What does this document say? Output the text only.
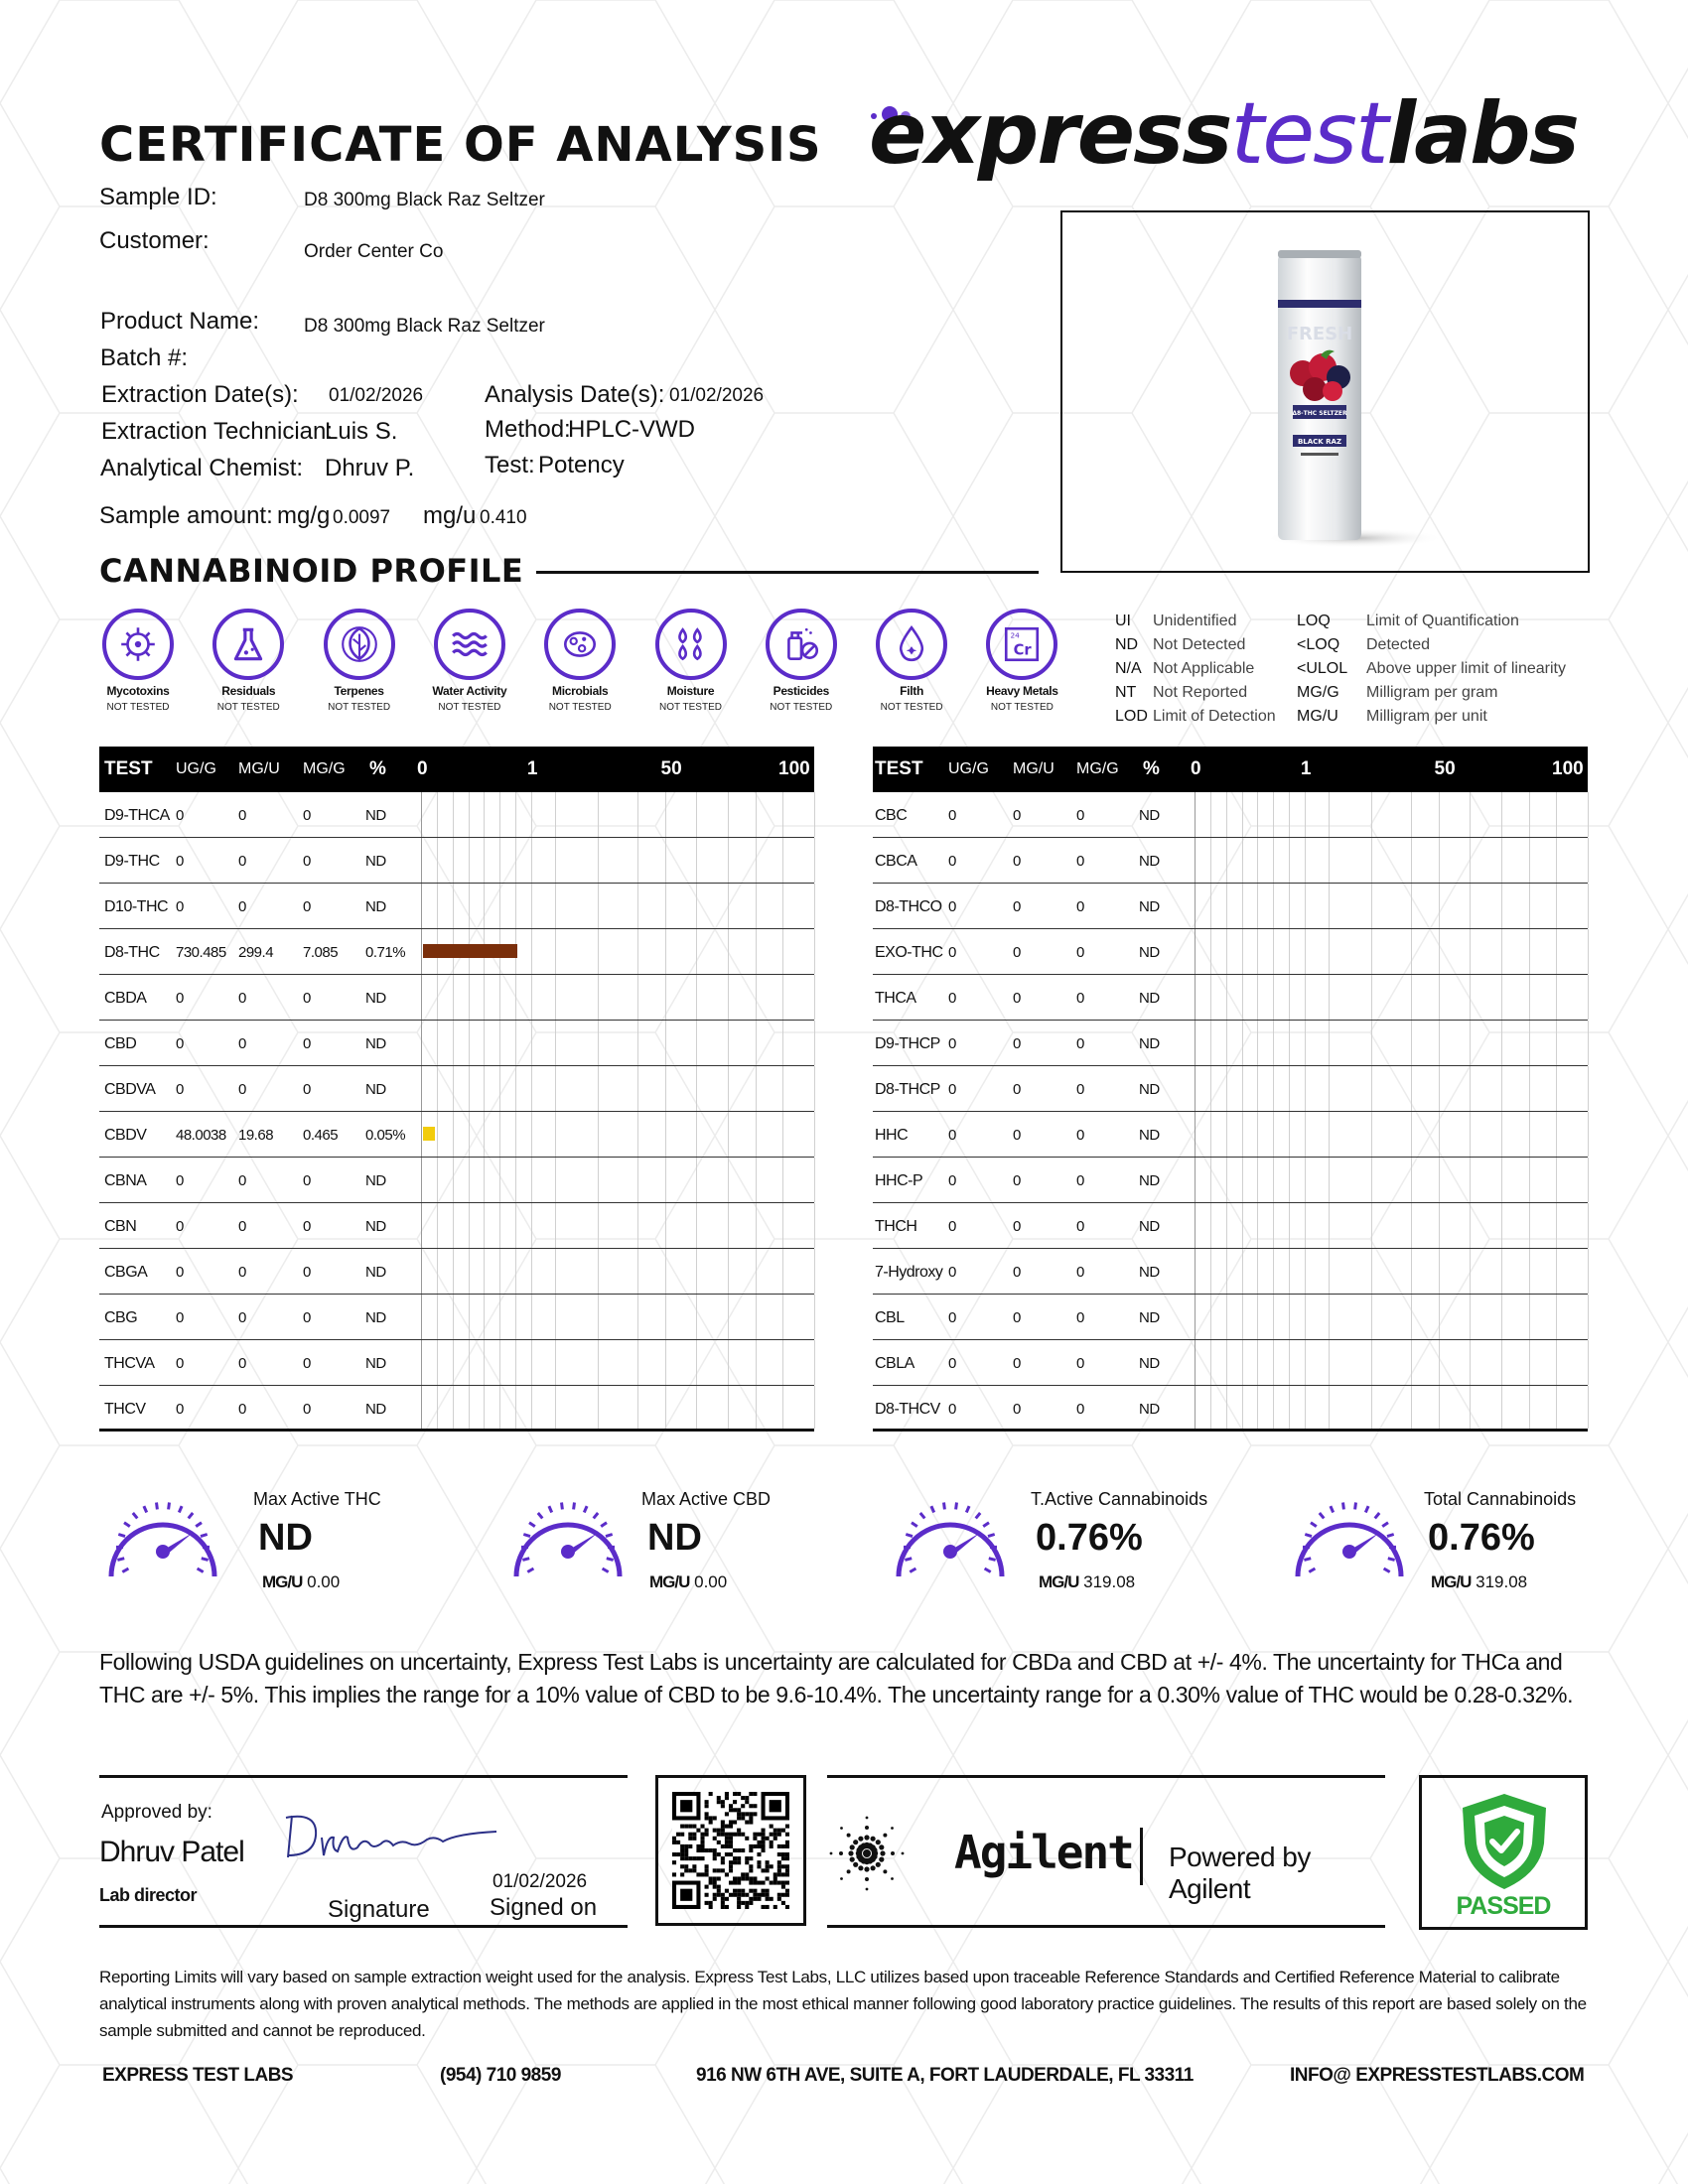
CERTIFICATE OF ANALYSIS expresstestlabs
Sample ID:	D8 300mg Black Raz Seltzer
Customer:	Order Center Co
Product Name: D8 300mg Black Raz Seltzer
Batch #:
Extraction Date(s): 01/02/2026	Analysis Date(s): 01/02/2026
Extraction Technician:
Luis S.	Method:
HPLC-VWD
Analytical Chemist: Dhruv P.	Test: Potency
Sample amount: mg/g 0.0097 mg/u 0.410
FRESH
Δ8-THC SELTZER
BLACK RAZ
CANNABINOID PROFILE
Mycotoxins
NOT TESTED
Residuals
NOT TESTED
Terpenes
NOT TESTED
Water Activity
NOT TESTED
Microbials
NOT TESTED
Moisture
NOT TESTED
Pesticides
NOT TESTED
Filth
NOT TESTED
24
Cr
Heavy Metals
NOT TESTED
UI Unidentified
ND Not Detected
N/A Not Applicable
NT Not Reported
LOD Limit of Detection
LOQ Limit of Quantification
<LOQ Detected
<ULOL Above upper limit of linearity
MG/G Milligram per gram
MG/U Milligram per unit
TEST UG/G MG/U MG/G % 0	1	50	100
D9-THCA 0	0	0	ND
D9-THC 0	0	0	ND
D10-THC 0	0	0	ND
D8-THC 730.485 299.4 7.085 0.71%
CBDA 0	0	0	ND
CBD	0	0	0	ND
CBDVA 0	0	0	ND
CBDV 48.0038 19.68 0.465 0.05%
CBNA 0	0	0	ND
CBN	0	0	0	ND
CBGA 0	0	0	ND
CBG	0	0	0	ND
THCVA 0	0	0	ND
THCV 0	0	0	ND
TEST UG/G MG/U MG/G % 0	1	50	100
CBC	0	0	0	ND
CBCA 0	0	0	ND
D8-THCO 0	0	0	ND
EXO-THC 0	0	0	ND
THCA 0	0	0	ND
D9-THCP 0	0	0	ND
D8-THCP 0	0	0	ND
HHC	0	0	0	ND
HHC-P 0	0	0	ND
THCH 0	0	0	ND
7-Hydroxy 0	0	0	ND
CBL	0	0	0	ND
CBLA 0	0	0	ND
D8-THCV 0	0	0	ND
Max Active THC
ND
MG/U 0.00
Max Active CBD
ND
MG/U 0.00
T.Active Cannabinoids
0.76%
MG/U 319.08
Total Cannabinoids
0.76%
MG/U 319.08
Following USDA guidelines on uncertainty, Express Test Labs is uncertainty are calculated for CBDa and CBD at +/- 4%. The uncertainty for THCa and THC are +/- 5%. This implies the range for a 10% value of CBD to be 9.6-10.4%. The uncertainty range for a 0.30% value of THC would be 0.28-0.32%.
Approved by:
Dhruv Patel
Lab director
Signature
01/02/2026
Signed on
Agilent Powered by Agilent
PASSED
Reporting Limits will vary based on sample extraction weight used for the analysis. Express Test Labs, LLC utilizes based upon traceable Reference Standards and Certified Reference Material to calibrate analytical instruments along with proven analytical methods. The methods are applied in the most ethical manner following good laboratory practice guidelines. The results of this report are based solely on the sample submitted and cannot be reproduced.
EXPRESS TEST LABS	(954) 710 9859	916 NW 6TH AVE, SUITE A, FORT LAUDERDALE, FL 33311	INFO@ EXPRESSTESTLABS.COM
